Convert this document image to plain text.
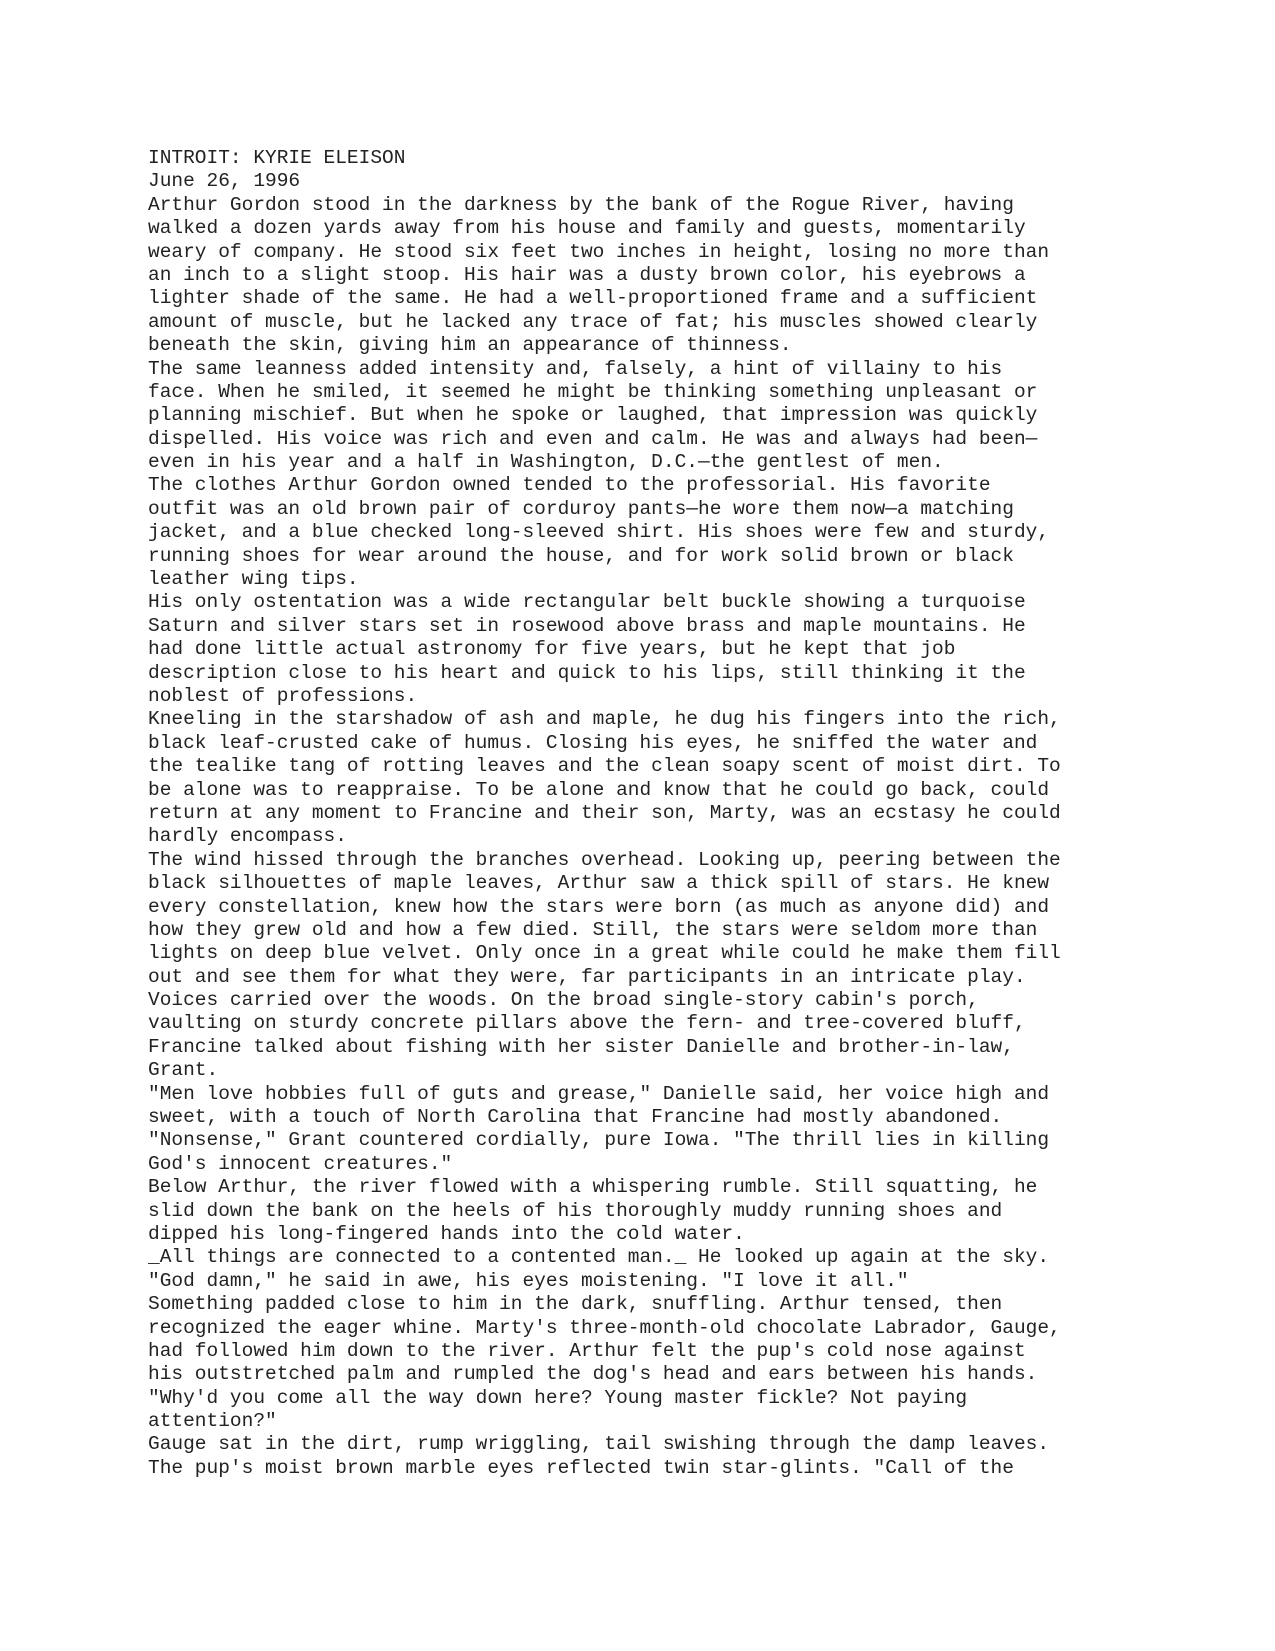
INTROIT: KYRIE ELEISON
June 26, 1996
Arthur Gordon stood in the darkness by the bank of the Rogue River, having
walked a dozen yards away from his house and family and guests, momentarily
weary of company. He stood six feet two inches in height, losing no more than
an inch to a slight stoop. His hair was a dusty brown color, his eyebrows a
lighter shade of the same. He had a well-proportioned frame and a sufficient
amount of muscle, but he lacked any trace of fat; his muscles showed clearly
beneath the skin, giving him an appearance of thinness.
The same leanness added intensity and, falsely, a hint of villainy to his
face. When he smiled, it seemed he might be thinking something unpleasant or
planning mischief. But when he spoke or laughed, that impression was quickly
dispelled. His voice was rich and even and calm. He was and always had been—
even in his year and a half in Washington, D.C.—the gentlest of men.
The clothes Arthur Gordon owned tended to the professorial. His favorite
outfit was an old brown pair of corduroy pants—he wore them now—a matching
jacket, and a blue checked long-sleeved shirt. His shoes were few and sturdy,
running shoes for wear around the house, and for work solid brown or black
leather wing tips.
His only ostentation was a wide rectangular belt buckle showing a turquoise
Saturn and silver stars set in rosewood above brass and maple mountains. He
had done little actual astronomy for five years, but he kept that job
description close to his heart and quick to his lips, still thinking it the
noblest of professions.
Kneeling in the starshadow of ash and maple, he dug his fingers into the rich,
black leaf-crusted cake of humus. Closing his eyes, he sniffed the water and
the tealike tang of rotting leaves and the clean soapy scent of moist dirt. To
be alone was to reappraise. To be alone and know that he could go back, could
return at any moment to Francine and their son, Marty, was an ecstasy he could
hardly encompass.
The wind hissed through the branches overhead. Looking up, peering between the
black silhouettes of maple leaves, Arthur saw a thick spill of stars. He knew
every constellation, knew how the stars were born (as much as anyone did) and
how they grew old and how a few died. Still, the stars were seldom more than
lights on deep blue velvet. Only once in a great while could he make them fill
out and see them for what they were, far participants in an intricate play.
Voices carried over the woods. On the broad single-story cabin's porch,
vaulting on sturdy concrete pillars above the fern- and tree-covered bluff,
Francine talked about fishing with her sister Danielle and brother-in-law,
Grant.
"Men love hobbies full of guts and grease," Danielle said, her voice high and
sweet, with a touch of North Carolina that Francine had mostly abandoned.
"Nonsense," Grant countered cordially, pure Iowa. "The thrill lies in killing
God's innocent creatures."
Below Arthur, the river flowed with a whispering rumble. Still squatting, he
slid down the bank on the heels of his thoroughly muddy running shoes and
dipped his long-fingered hands into the cold water.
_All things are connected to a contented man._ He looked up again at the sky.
"God damn," he said in awe, his eyes moistening. "I love it all."
Something padded close to him in the dark, snuffling. Arthur tensed, then
recognized the eager whine. Marty's three-month-old chocolate Labrador, Gauge,
had followed him down to the river. Arthur felt the pup's cold nose against
his outstretched palm and rumpled the dog's head and ears between his hands.
"Why'd you come all the way down here? Young master fickle? Not paying
attention?"
Gauge sat in the dirt, rump wriggling, tail swishing through the damp leaves.
The pup's moist brown marble eyes reflected twin star-glints. "Call of the
